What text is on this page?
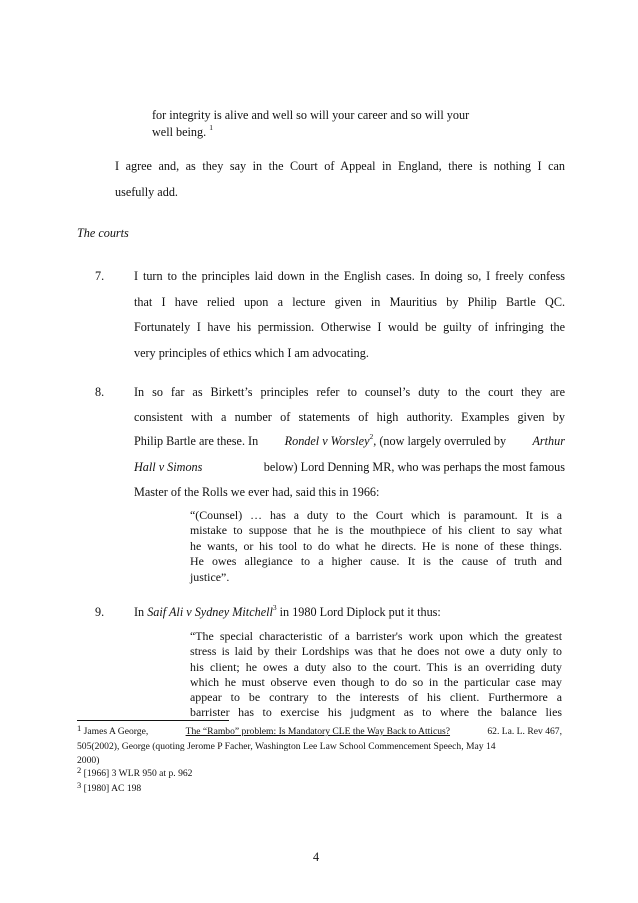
for integrity is alive and well so will your career and so will your
well being. $^1$
I agree and, as they say in the Court of Appeal in England, there is nothing I can
usefully add.
The courts
7. I turn to the principles laid down in the English cases. In doing so, I freely confess
that I have relied upon a lecture given in Mauritius by Philip Bartle QC.
Fortunately I have his permission. Otherwise I would be guilty of infringing the
very principles of ethics which I am advocating.
8. In so far as Birkett’s principles refer to counsel’s duty to the court they are
consistent with a number of statements of high authority. Examples given by
Philip Bartle are these. In Rondel v Worsley$^2$, (now largely overruled by Arthur
Hall v Simons	below) Lord Denning MR, who was perhaps the most famous
Master of the Rolls we ever had, said this in 1966:
“(Counsel) … has a duty to the Court which is paramount. It is a
mistake to suppose that he is the mouthpiece of his client to say what
he wants, or his tool to do what he directs. He is none of these things.
He owes allegiance to a higher cause. It is the cause of truth and
justice”.
9. In Saif Ali v Sydney Mitchell$^3$ in 1980 Lord Diplock put it thus:
“The special characteristic of a barrister's work upon which the greatest
stress is laid by their Lordships was that he does not owe a duty only to
his client; he owes a duty also to the court. This is an overriding duty
which he must observe even though to do so in the particular case may
appear to be contrary to the interests of his client. Furthermore a
barrister has to exercise his judgment as to where the balance lies
1 James A George,	The “Rambo” problem: Is Mandatory CLE the Way Back to Atticus?	62. La. L. Rev 467,
505(2002), George (quoting Jerome P Facher, Washington Lee Law School Commencement Speech, May 14
2000)
2 [1966] 3 WLR 950 at p. 962
3 [1980] AC 198
4
